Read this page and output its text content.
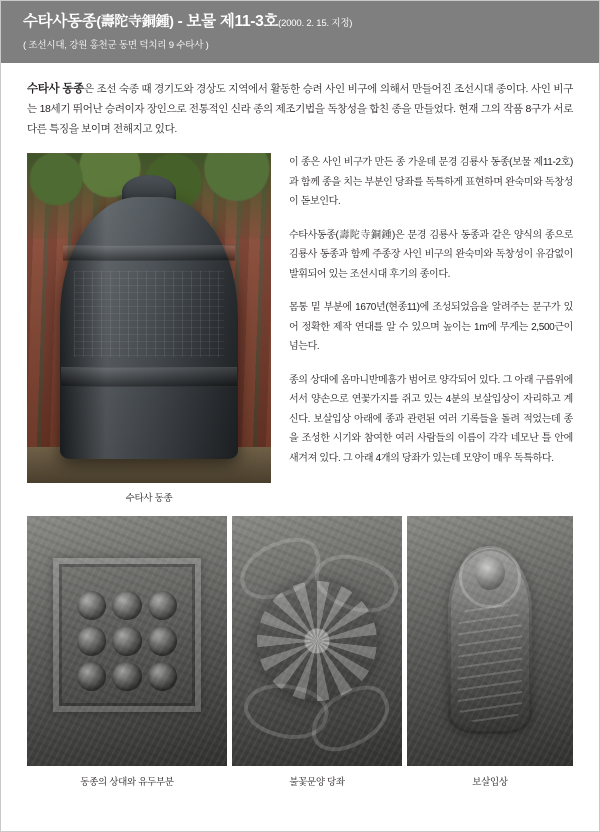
수타사동종(壽陀寺銅鍾) - 보물 제11-3호(2000. 2. 15. 지정)
( 조선시대, 강원 홍천군 동면 덕치리 9 수타사 )
수타사 동종은 조선 숙종 때 경기도와 경상도 지역에서 활동한 승려 사인 비구에 의해서 만들어진 조선시대 종이다. 사인 비구는 18세기 뛰어난 승려이자 장인으로 전통적인 신라 종의 제조기법을 독창성을 합친 종을 만들었다. 현재 그의 작품 8구가 서로 다른 특징을 보이며 전해지고 있다.
수타사 동종

이 종은 사인 비구가 만든 종 가운데 문경 김룡사 동종(보물 제11-2호)과 함께 종을 치는 부분인 당좌를 독특하게 표현하며 완숙미와 독창성이 돋보인다.

수타사동종(壽陀寺銅鍾)은 문경 김룡사 동종과 같은 양식의 종으로 김룡사 동종과 함께 주종장 사인 비구의 완숙미와 독창성이 유감없이 발휘되어 있는 조선시대 후기의 종이다.

몸통 밑 부분에 1670년(현종11)에 조성되었음을 알려주는 문구가 있어 정확한 제작 연대를 알 수 있으며 높이는 1m에 무게는 2,500근이 넘는다.

종의 상대에 옴마니반메훔가 범어로 양각되어 있다. 그 아래 구름위에 서서 양손으로 연꽃가지를 쥐고 있는 4분의 보살입상이 자리하고 계신다. 보살입상 아래에 종과 관련된 여러 기록들을 돌려 적었는데 종을 조성한 시기와 참여한 여러 사람들의 이름이 각각 네모난 틀 안에 새겨져 있다. 그 아래 4개의 당좌가 있는데 모양이 매우 독특하다.

동종의 상대와 유두부분	불꽃문양 당좌	보살입상
